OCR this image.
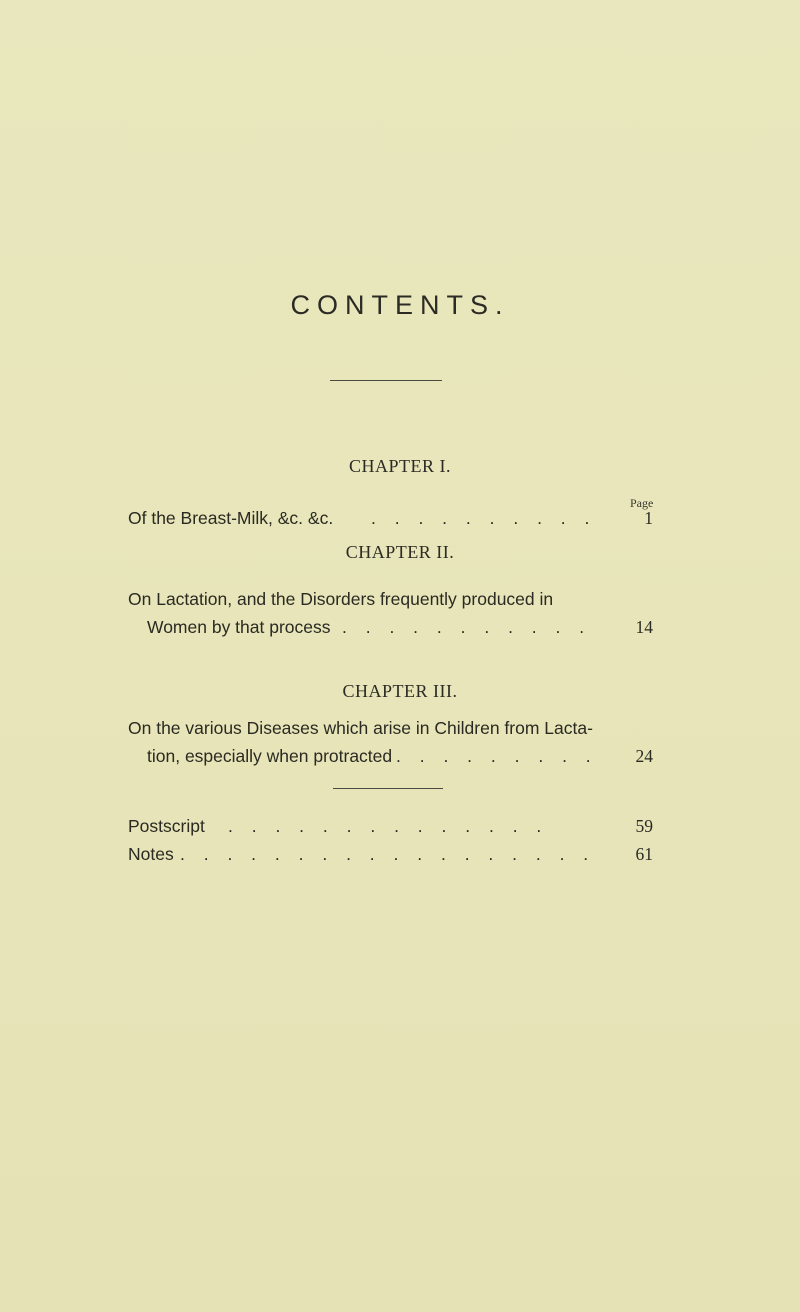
CONTENTS.
CHAPTER I.
Page
Of the Breast-Milk, &c. &c. . . . . . . . . . .	1
CHAPTER II.
On Lactation, and the Disorders frequently produced in
Women by that process . . . . . . . . . . .	14
CHAPTER III.
On the various Diseases which arise in Children from Lacta-
tion, especially when protracted . . . . . . . . . 24
Postscript . . . . . . . . . . . . . .	59
Notes . . . . . . . . . . . . . . . . . . 61
